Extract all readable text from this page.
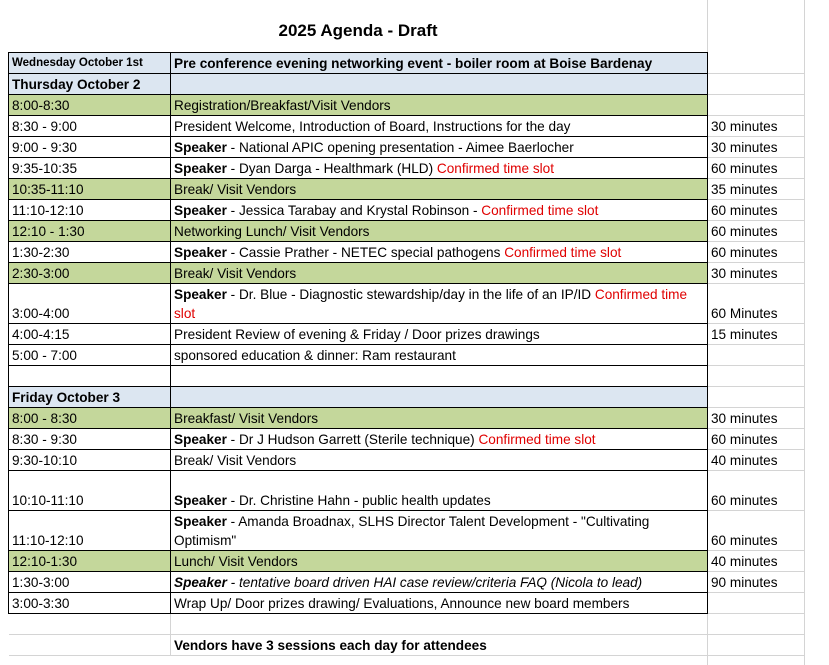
2025 Agenda - Draft
Wednesday October 1st	Pre conference evening networking event - boiler room at Boise Bardenay	
Thursday October 2		
8:00-8:30	Registration/Breakfast/Visit Vendors	
8:30 - 9:00	President Welcome, Introduction of Board, Instructions for the day	30 minutes
9:00 - 9:30	Speaker - National APIC opening presentation - Aimee Baerlocher	30 minutes
9:35-10:35	Speaker - Dyan Darga - Healthmark (HLD) Confirmed time slot	60 minutes
10:35-11:10	Break/ Visit Vendors	35 minutes
11:10-12:10	Speaker - Jessica Tarabay and Krystal Robinson - Confirmed time slot	60 minutes
12:10 - 1:30	Networking Lunch/ Visit Vendors	60 minutes
1:30-2:30	Speaker - Cassie Prather - NETEC special pathogens Confirmed time slot	60 minutes
2:30-3:00	Break/ Visit Vendors	30 minutes
3:00-4:00	Speaker - Dr. Blue - Diagnostic stewardship/day in the life of an IP/ID Confirmed time slot	60 Minutes
4:00-4:15	President Review of evening & Friday / Door prizes drawings	15 minutes
5:00 - 7:00	sponsored education & dinner: Ram restaurant	

Friday October 3		
8:00 - 8:30	Breakfast/ Visit Vendors	30 minutes
8:30 - 9:30	Speaker - Dr J Hudson Garrett (Sterile technique) Confirmed time slot	60 minutes
9:30-10:10	Break/ Visit Vendors	40 minutes
10:10-11:10	Speaker - Dr. Christine Hahn - public health updates	60 minutes
11:10-12:10	Speaker - Amanda Broadnax, SLHS Director Talent Development - "Cultivating Optimism"	60 minutes
12:10-1:30	Lunch/ Visit Vendors	40 minutes
1:30-3:00	Speaker - tentative board driven HAI case review/criteria FAQ (Nicola to lead)	90 minutes
3:00-3:30	Wrap Up/ Door prizes drawing/ Evaluations, Announce new board members	

	Vendors have 3 sessions each day for attendees	
